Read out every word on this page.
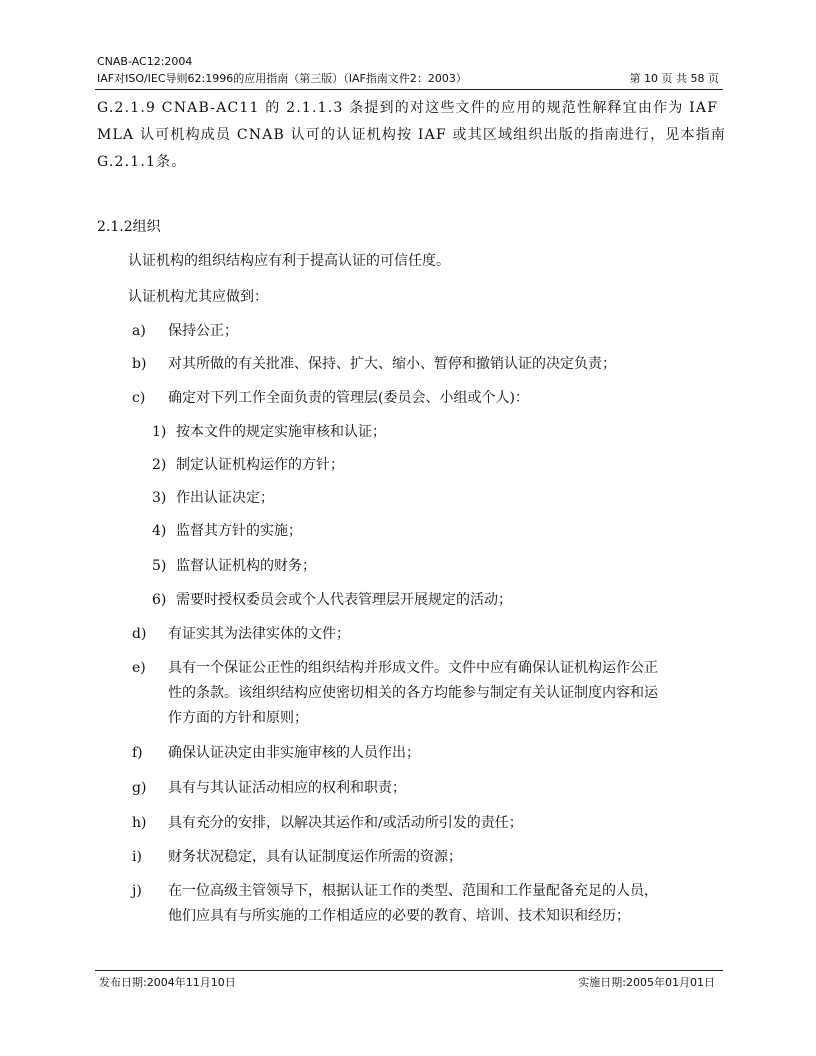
CNAB-AC12:2004
IAF对ISO/IEC导则62:1996的应用指南（第三版）（IAF指南文件2：2003）	第 10 页 共 58 页
G.2.1.9 CNAB-AC11 的 2.1.1.3 条提到的对这些文件的应用的规范性解释宜由作为 IAF
MLA 认可机构成员 CNAB 认可的认证机构按 IAF 或其区域组织出版的指南进行，见本指南
G.2.1.1条。
2.1.2组织
认证机构的组织结构应有利于提高认证的可信任度。
认证机构尤其应做到：
a) 保持公正；
b) 对其所做的有关批准、保持、扩大、缩小、暂停和撤销认证的决定负责；
c) 确定对下列工作全面负责的管理层(委员会、小组或个人)：
1) 按本文件的规定实施审核和认证；
2) 制定认证机构运作的方针；
3) 作出认证决定；
4) 监督其方针的实施；
5) 监督认证机构的财务；
6) 需要时授权委员会或个人代表管理层开展规定的活动；
d) 有证实其为法律实体的文件；
e) 具有一个保证公正性的组织结构并形成文件。文件中应有确保认证机构运作公正
性的条款。该组织结构应使密切相关的各方均能参与制定有关认证制度内容和运
作方面的方针和原则；
f) 确保认证决定由非实施审核的人员作出；
g) 具有与其认证活动相应的权利和职责；
h) 具有充分的安排，以解决其运作和/或活动所引发的责任；
i) 财务状况稳定，具有认证制度运作所需的资源；
j) 在一位高级主管领导下，根据认证工作的类型、范围和工作量配备充足的人员，
他们应具有与所实施的工作相适应的必要的教育、培训、技术知识和经历；
发布日期:2004年11月10日	实施日期:2005年01月01日
